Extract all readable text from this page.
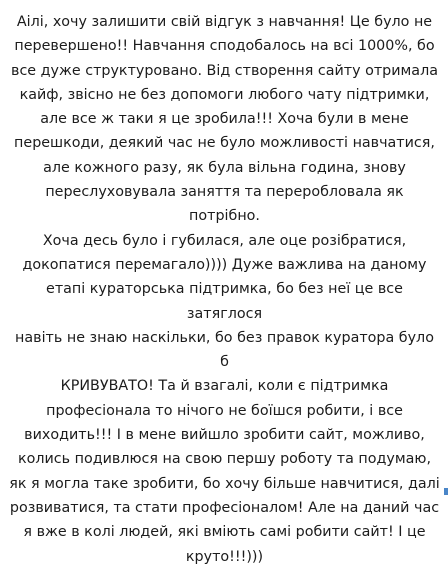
Аілі, хочу залишити свій відгук з навчання! Це було не
перевершено!! Навчання сподобалось на всі 1000%, бо
все дуже структуровано. Від створення сайту отримала
кайф, звісно не без допомоги любого чату підтримки,
але все ж таки я це зробила!!! Хоча були в мене
перешкоди, деякий час не було можливості навчатися,
але кожного разу, як була вільна година, знову
переслуховувала заняття та переробловала як потрібно.
Хоча десь було і губилася, але оце розібратися,
докопатися перемагало)))) Дуже важлива на даному
етапі кураторська підтримка, бо без неї це все затяглося
навіть не знаю наскільки, бо без правок куратора було б
КРИВУВАТО! Та й взагалі, коли є підтримка
професіонала то нічого не боїшся робити, і все
виходить!!! І в мене вийшло зробити сайт, можливо,
колись подивлюся на свою першу роботу та подумаю,
як я могла таке зробити, бо хочу більше навчитися, далі
розвиватися, та стати професіоналом! Але на даний час
я вже в колі людей, які вміють самі робити сайт! І це
круто!!!)))
